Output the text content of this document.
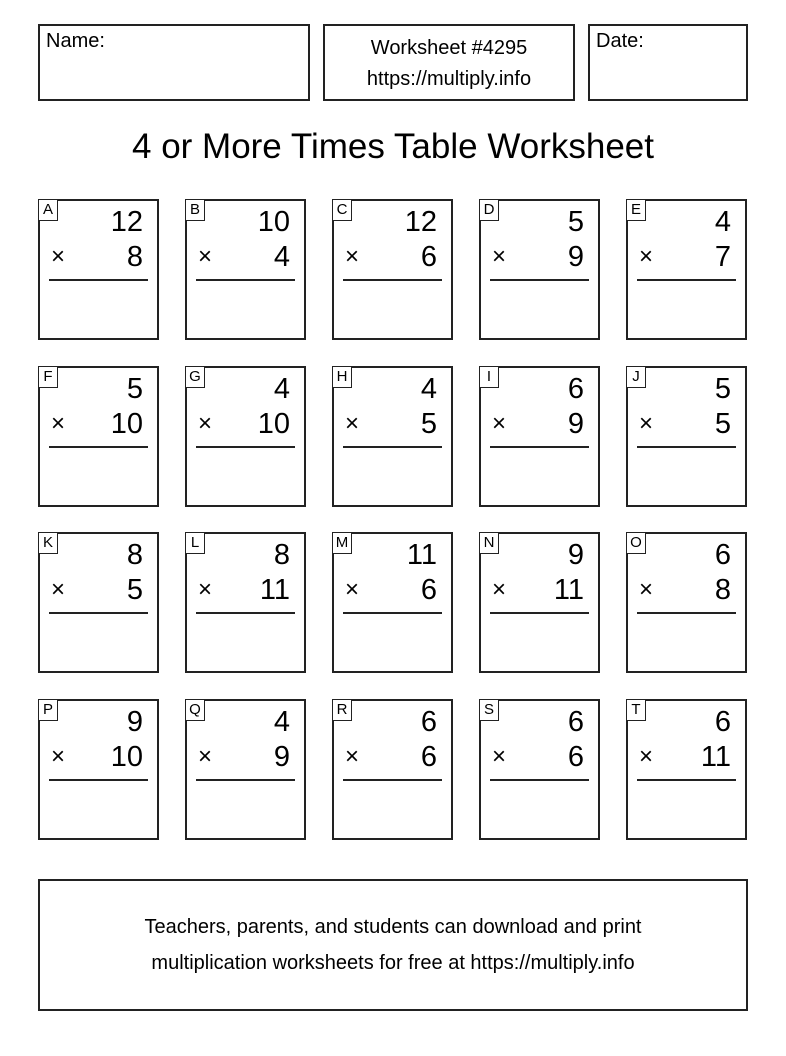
Name:	Worksheet #4295
https://multiply.info
Date:
4 or More Times Table Worksheet
A 12
× 8
B 10
× 4
C 12
× 6
D	5
× 9
E	4
× 7
F	5
× 10
G	4
× 10
H	4
× 5
I	6
× 9
J	5
× 5
K	8
× 5
L	8
× 11
M 11
× 6
N	9
× 11
O	6
× 8
P	9
× 10
Q	4
× 9
R	6
× 6
S	6
× 6
T	6
× 11
Teachers, parents, and students can download and print
multiplication worksheets for free at https://multiply.info
